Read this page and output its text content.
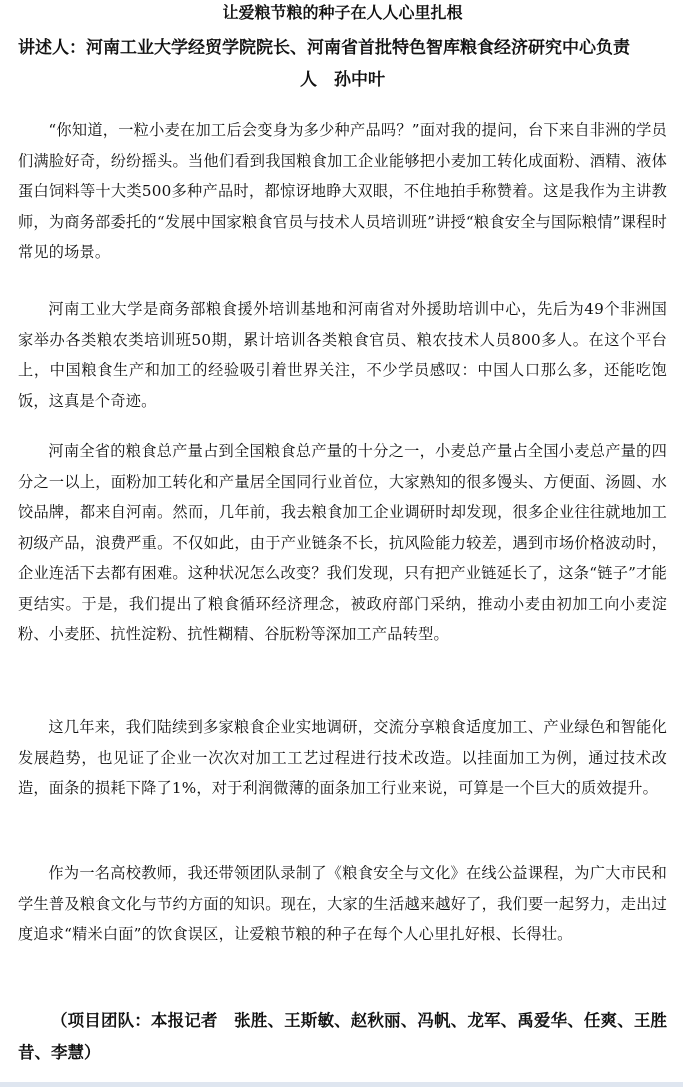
让爱粮节粮的种子在人人心里扎根

讲述人：河南工业大学经贸学院院长、河南省首批特色智库粮食经济研究中心负责
人　孙中叶

“你知道，一粒小麦在加工后会变身为多少种产品吗？”面对我的提问，台下来自非洲的学员们满脸好奇，纷纷摇头。当他们看到我国粮食加工企业能够把小麦加工转化成面粉、酒精、液体蛋白饲料等十大类500多种产品时，都惊讶地睁大双眼，不住地拍手称赞着。这是我作为主讲教师，为商务部委托的“发展中国家粮食官员与技术人员培训班”讲授“粮食安全与国际粮情”课程时常见的场景。

河南工业大学是商务部粮食援外培训基地和河南省对外援助培训中心，先后为49个非洲国家举办各类粮农类培训班50期，累计培训各类粮食官员、粮农技术人员800多人。在这个平台上，中国粮食生产和加工的经验吸引着世界关注，不少学员感叹：中国人口那么多，还能吃饱饭，这真是个奇迹。

河南全省的粮食总产量占到全国粮食总产量的十分之一，小麦总产量占全国小麦总产量的四分之一以上，面粉加工转化和产量居全国同行业首位，大家熟知的很多馒头、方便面、汤圆、水饺品牌，都来自河南。然而，几年前，我去粮食加工企业调研时却发现，很多企业往往就地加工初级产品，浪费严重。不仅如此，由于产业链条不长，抗风险能力较差，遇到市场价格波动时，企业连活下去都有困难。这种状况怎么改变？我们发现，只有把产业链延长了，这条“链子”才能更结实。于是，我们提出了粮食循环经济理念，被政府部门采纳，推动小麦由初加工向小麦淀粉、小麦胚、抗性淀粉、抗性糊精、谷朊粉等深加工产品转型。

这几年来，我们陆续到多家粮食企业实地调研，交流分享粮食适度加工、产业绿色和智能化发展趋势，也见证了企业一次次对加工工艺过程进行技术改造。以挂面加工为例，通过技术改造，面条的损耗下降了1%，对于利润微薄的面条加工行业来说，可算是一个巨大的质效提升。

作为一名高校教师，我还带领团队录制了《粮食安全与文化》在线公益课程，为广大市民和学生普及粮食文化与节约方面的知识。现在，大家的生活越来越好了，我们要一起努力，走出过度追求“精米白面”的饮食误区，让爱粮节粮的种子在每个人心里扎好根、长得壮。

（项目团队：本报记者　张胜、王斯敏、赵秋丽、冯帆、龙军、禹爱华、任爽、王胜昔、李慧）
